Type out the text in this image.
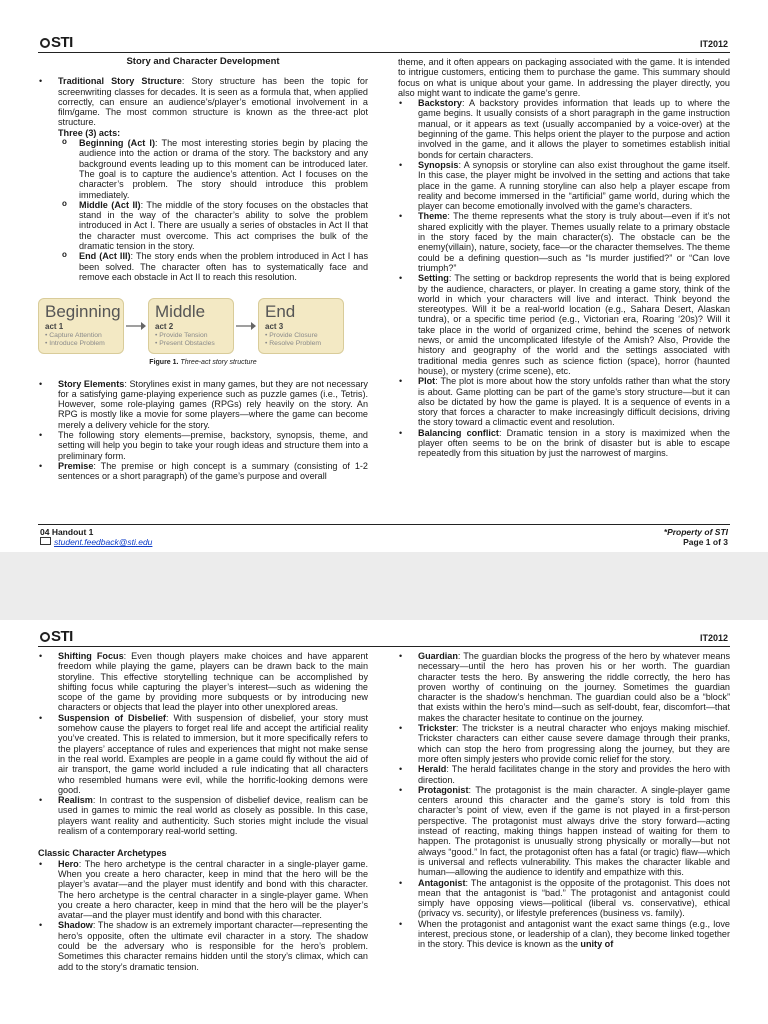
STI	IT2012
Story and Character Development
• Traditional Story Structure: Story structure has been the topic for screenwriting classes for decades. It is seen as a formula that, when applied correctly, can ensure an audience’s/player’s emotional involvement in a film/game. The most common structure is known as the three-act plot structure.
Three (3) acts:
o Beginning (Act I): The most interesting stories begin by placing the audience into the action or drama of the story. The backstory and any background events leading up to this moment can be introduced later. The goal is to capture the audience’s attention. Act I focuses on the character’s problem. The story should introduce this problem immediately.
o Middle (Act II): The middle of the story focuses on the obstacles that stand in the way of the character’s ability to solve the problem introduced in Act I. There are usually a series of obstacles in Act II that the character must overcome. This act comprises the bulk of the dramatic tension in the story.
o End (Act III): The story ends when the problem introduced in Act I has been solved. The character often has to systematically face and remove each obstacle in Act II to reach this resolution.
Beginning
act 1
• Capture Attention
• Introduce Problem
Middle
act 2
• Provide Tension
• Present Obstacles
End
act 3
• Provide Closure
• Resolve Problem
Figure 1. Three-act story structure
• Story Elements: Storylines exist in many games, but they are not necessary for a satisfying game-playing experience such as puzzle games (i.e., Tetris). However, some role-playing games (RPGs) rely heavily on the story. An RPG is mostly like a movie for some players—where the game can become merely a delivery vehicle for the story.
• The following story elements—premise, backstory, synopsis, theme, and setting will help you begin to take your rough ideas and structure them into a preliminary form.
• Premise: The premise or high concept is a summary (consisting of 1-2 sentences or a short paragraph) of the game’s purpose and overall
theme, and it often appears on packaging associated with the game. It is intended to intrigue customers, enticing them to purchase the game. This summary should focus on what is unique about your game. In addressing the player directly, you also might want to indicate the game’s genre.
• Backstory: A backstory provides information that leads up to where the game begins. It usually consists of a short paragraph in the game instruction manual, or it appears as text (usually accompanied by a voice-over) at the beginning of the game. This helps orient the player to the purpose and action involved in the game, and it allows the player to sometimes establish initial bonds for certain characters.
• Synopsis: A synopsis or storyline can also exist throughout the game itself. In this case, the player might be involved in the setting and actions that take place in the game. A running storyline can also help a player escape from reality and become immersed in the “artificial” game world, during which the player can become emotionally involved with the game’s characters.
• Theme: The theme represents what the story is truly about—even if it’s not shared explicitly with the player. Themes usually relate to a primary obstacle in the story faced by the main character(s). The obstacle can be the enemy(villain), nature, society, face—or the character themselves. The theme could be a defining question—such as “Is murder justified?” or “Can love triumph?”
• Setting: The setting or backdrop represents the world that is being explored by the audience, characters, or player. In creating a game story, think of the world in which your characters will live and interact. Think beyond the stereotypes. Will it be a real-world location (e.g., Sahara Desert, Alaskan tundra), or a specific time period (e.g., Victorian era, Roaring ‘20s)? Will it take place in the world of organized crime, behind the scenes of network news, or amid the uncomplicated lifestyle of the Amish? Also, Provide the history and geography of the world and the settings associated with traditional media genres such as science fiction (space), horror (haunted house), or mystery (crime scene), etc.
• Plot: The plot is more about how the story unfolds rather than what the story is about. Game plotting can be part of the game’s story structure—but it can also be dictated by how the game is played. It is a sequence of events in a story that forces a character to make increasingly difficult decisions, driving the story toward a climactic event and resolution.
• Balancing conflict: Dramatic tension in a story is maximized when the player often seems to be on the brink of disaster but is able to escape repeatedly from this situation by just the narrowest of margins.
04 Handout 1
student.feedback@sti.edu
*Property of STI
Page 1 of 3
STI	IT2012
• Shifting Focus: Even though players make choices and have apparent freedom while playing the game, players can be drawn back to the main storyline. This effective storytelling technique can be accomplished by shifting focus while capturing the player’s interest—such as widening the scope of the game by providing more subquests or by introducing new characters or objects that lead the player into other unexplored areas.
• Suspension of Disbelief: With suspension of disbelief, your story must somehow cause the players to forget real life and accept the artificial reality you’ve created. This is related to immersion, but it more specifically refers to the players’ acceptance of rules and experiences that might not make sense in the real world. Examples are people in a game could fly without the aid of air transport, the game world included a rule indicating that all characters who resembled humans were evil, while the horrific-looking demons were good.
• Realism: In contrast to the suspension of disbelief device, realism can be used in games to mimic the real world as closely as possible. In this case, players want reality and authenticity. Such stories might include the visual realism of a contemporary real-world setting.
Classic Character Archetypes
• Hero: The hero archetype is the central character in a single-player game. When you create a hero character, keep in mind that the hero will be the player’s avatar—and the player must identify and bond with this character. The hero archetype is the central character in a single-player game. When you create a hero character, keep in mind that the hero will be the player’s avatar—and the player must identify and bond with this character.
• Shadow: The shadow is an extremely important character—representing the hero’s opposite, often the ultimate evil character in a story. The shadow could be the adversary who is responsible for the hero’s problem. Sometimes this character remains hidden until the story’s climax, which can add to the story’s dramatic tension.
• Guardian: The guardian blocks the progress of the hero by whatever means necessary—until the hero has proven his or her worth. The guardian character tests the hero. By answering the riddle correctly, the hero has proven worthy of continuing on the journey. Sometimes the guardian character is the shadow’s henchman. The guardian could also be a “block” that exists within the hero’s mind—such as self-doubt, fear, discomfort—that makes the character hesitate to continue on the journey.
• Trickster: The trickster is a neutral character who enjoys making mischief. Trickster characters can either cause severe damage through their pranks, which can stop the hero from progressing along the journey, but they are more often simply jesters who provide comic relief for the story.
• Herald: The herald facilitates change in the story and provides the hero with direction.
• Protagonist: The protagonist is the main character. A single-player game centers around this character and the game’s story is told from this character’s point of view, even if the game is not played in a first-person perspective. The protagonist must always drive the story forward—acting instead of reacting, making things happen instead of waiting for them to happen. The protagonist is unusually strong physically or morally—but not always “good.” In fact, the protagonist often has a fatal (or tragic) flaw—which is universal and reflects vulnerability. This makes the character likable and human—allowing the audience to identify and empathize with this.
• Antagonist: The antagonist is the opposite of the protagonist. This does not mean that the antagonist is “bad.” The protagonist and antagonist could simply have opposing views—political (liberal vs. conservative), ethical (privacy vs. security), or lifestyle preferences (business vs. family).
• When the protagonist and antagonist want the exact same things (e.g., love interest, precious stone, or leadership of a clan), they become linked together in the story. This device is known as the unity of
